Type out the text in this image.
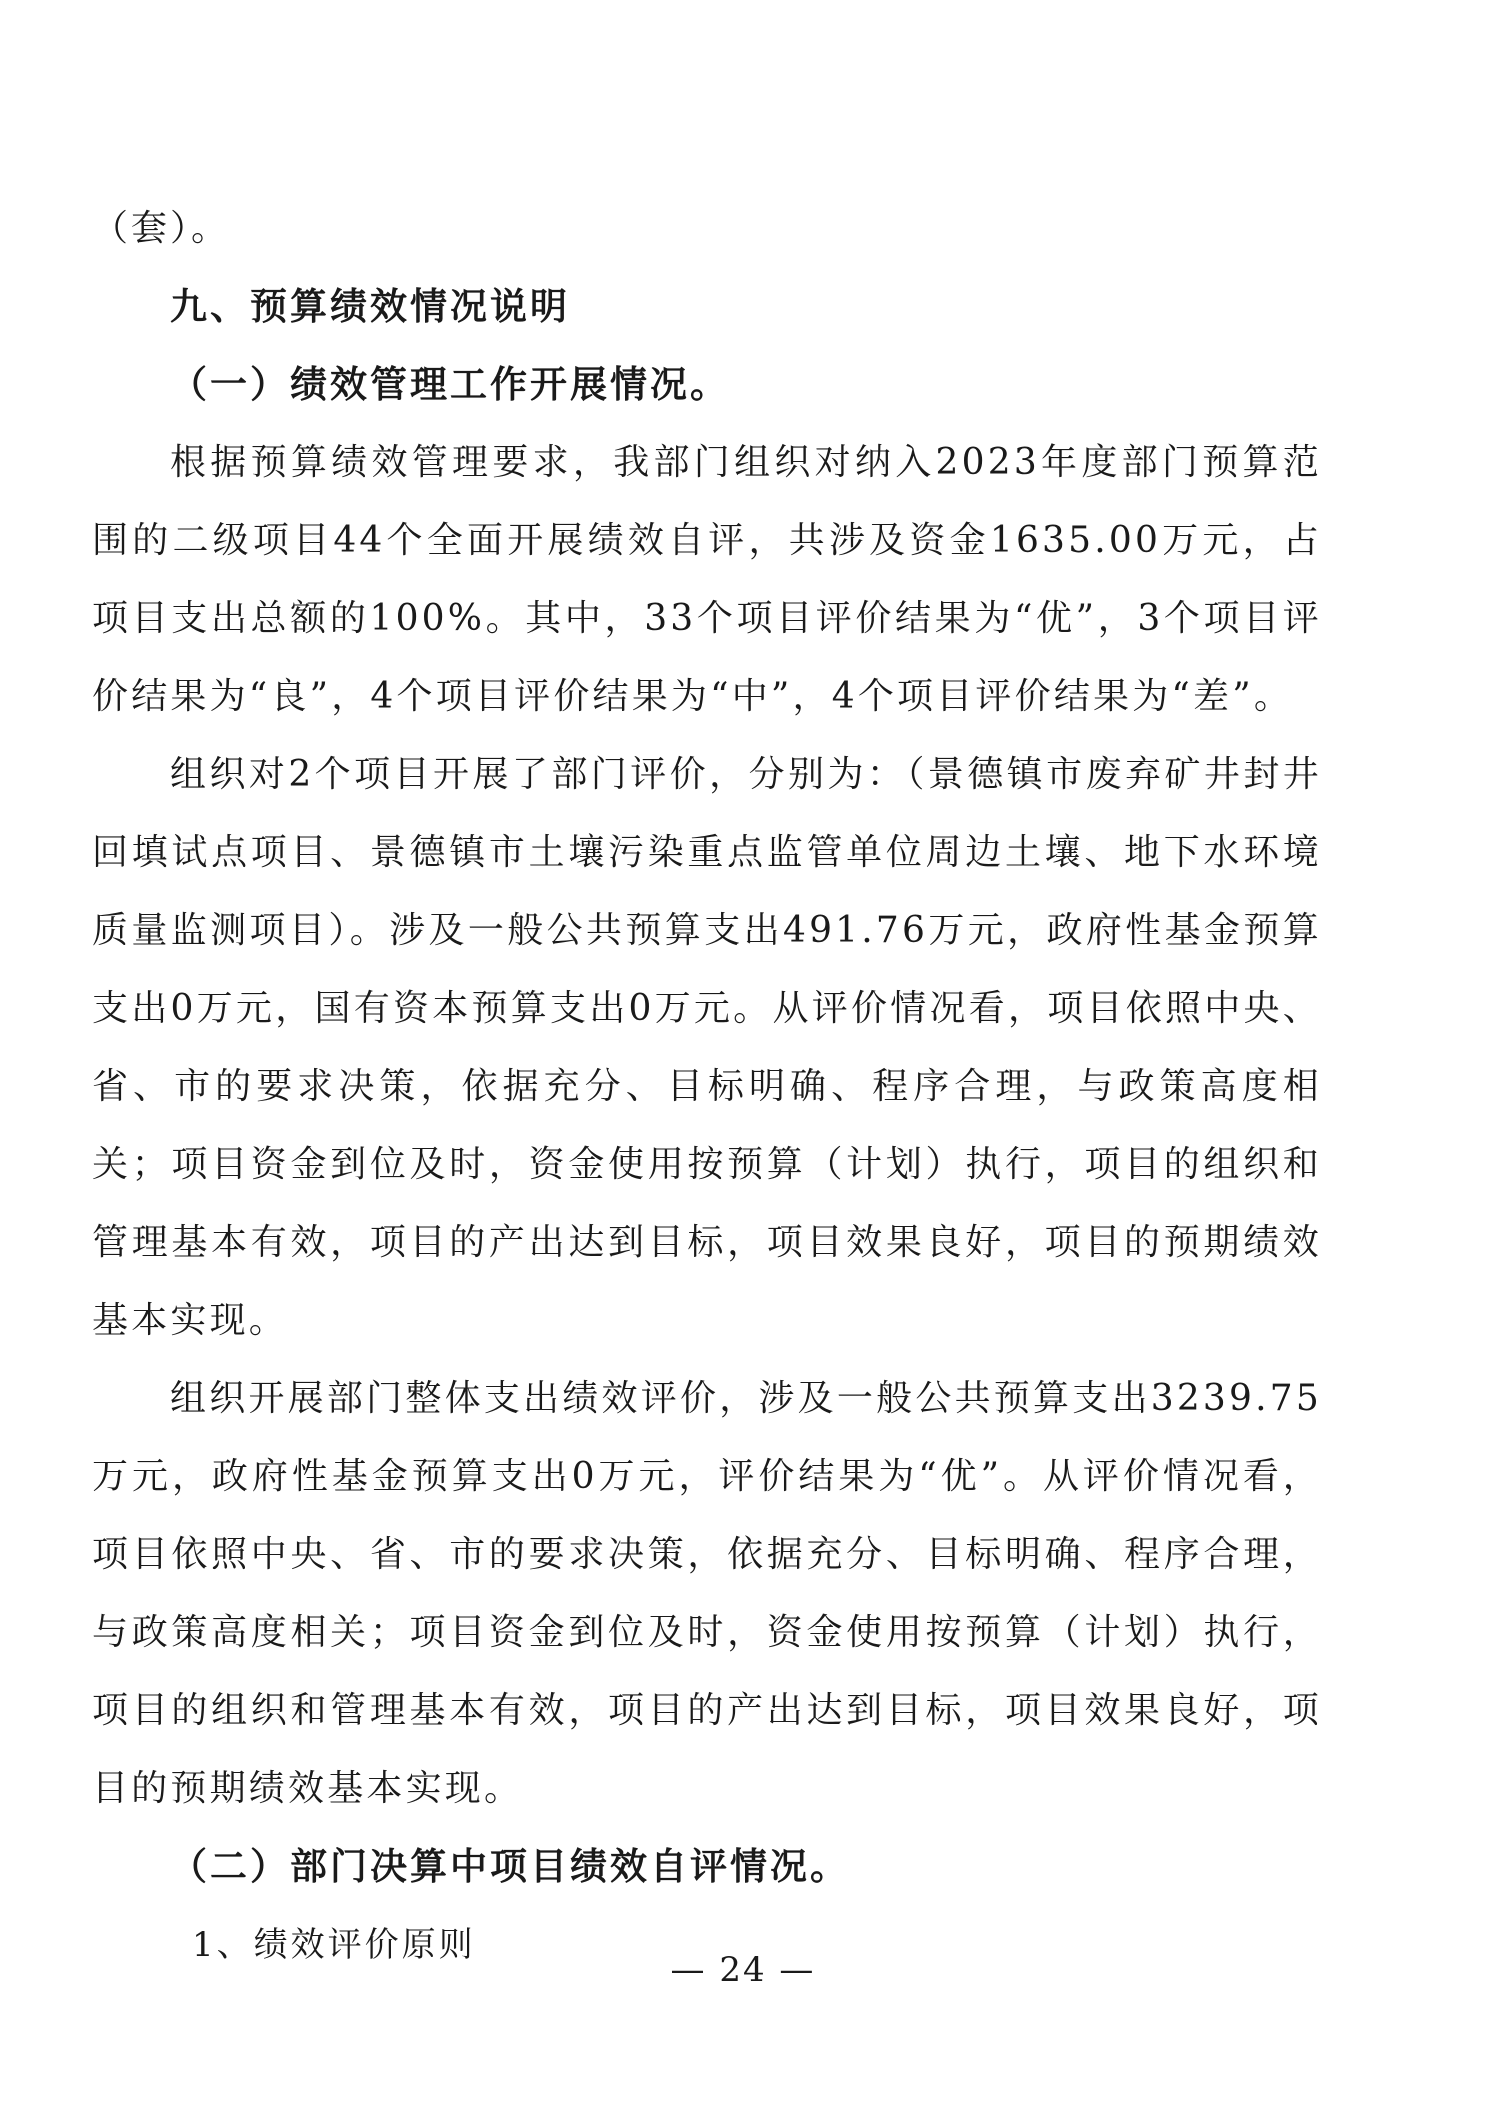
（套）。

九、预算绩效情况说明

（一）绩效管理工作开展情况。

根据预算绩效管理要求，我部门组织对纳入2023年度部门预算范围的二级项目44个全面开展绩效自评，共涉及资金1635.00万元，占项目支出总额的100%。其中，33个项目评价结果为“优”，3个项目评价结果为“良”，4个项目评价结果为“中”，4个项目评价结果为“差”。

组织对2个项目开展了部门评价，分别为：（景德镇市废弃矿井封井回填试点项目、景德镇市土壤污染重点监管单位周边土壤、地下水环境质量监测项目）。涉及一般公共预算支出491.76万元，政府性基金预算支出0万元，国有资本预算支出0万元。从评价情况看，项目依照中央、省、市的要求决策，依据充分、目标明确、程序合理，与政策高度相关；项目资金到位及时，资金使用按预算（计划）执行，项目的组织和管理基本有效，项目的产出达到目标，项目效果良好，项目的预期绩效基本实现。

组织开展部门整体支出绩效评价，涉及一般公共预算支出3239.75万元，政府性基金预算支出0万元，评价结果为“优”。从评价情况看，项目依照中央、省、市的要求决策，依据充分、目标明确、程序合理，与政策高度相关；项目资金到位及时，资金使用按预算（计划）执行，项目的组织和管理基本有效，项目的产出达到目标，项目效果良好，项目的预期绩效基本实现。

（二）部门决算中项目绩效自评情况。

1、绩效评价原则

— 24 —
